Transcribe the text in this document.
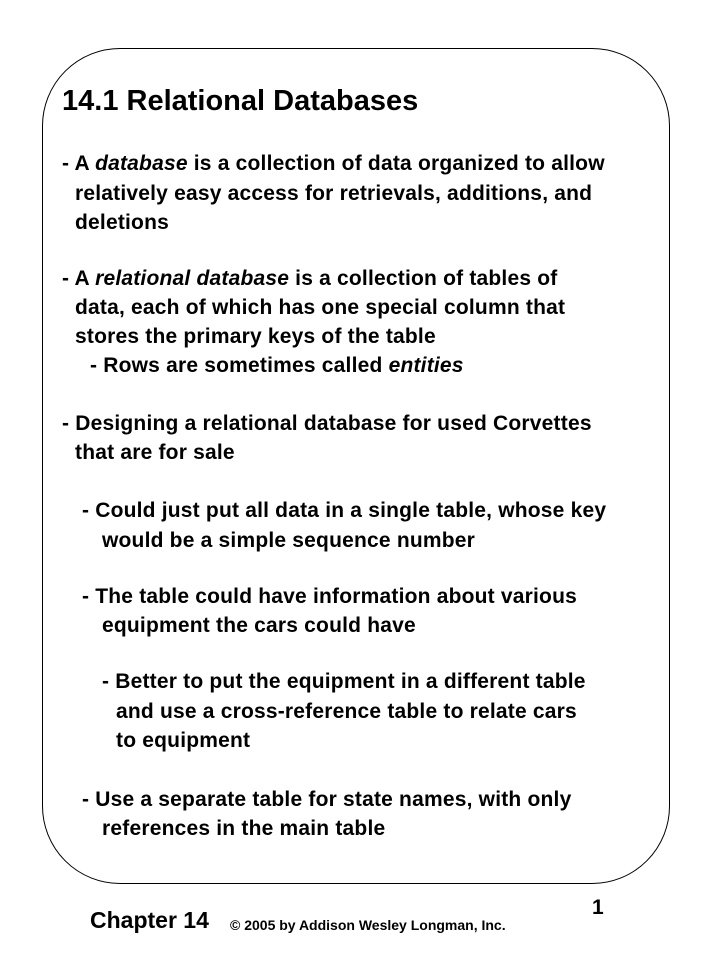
14.1 Relational Databases
- A database is a collection of data organized to allow
relatively easy access for retrievals, additions, and
deletions
- A relational database is a collection of tables of
data, each of which has one special column that
stores the primary keys of the table
- Rows are sometimes called entities
- Designing a relational database for used Corvettes
that are for sale
- Could just put all data in a single table, whose key
would be a simple sequence number
- The table could have information about various
equipment the cars could have
- Better to put the equipment in a different table
and use a cross-reference table to relate cars
to equipment
- Use a separate table for state names, with only
references in the main table
Chapter 14 © 2005 by Addison Wesley Longman, Inc.
1
